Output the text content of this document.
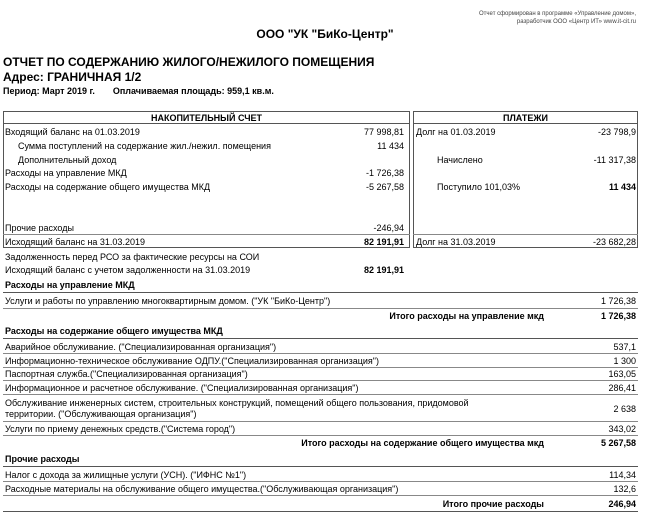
Отчет сформирован в программе «Управление домом»,
разработчик ООО «Центр ИТ» www.it-cit.ru
ООО "УК "БиКо-Центр"
ОТЧЕТ ПО СОДЕРЖАНИЮ ЖИЛОГО/НЕЖИЛОГО ПОМЕЩЕНИЯ
Адрес: ГРАНИЧНАЯ 1/2
Период: Март 2019 г. Оплачиваемая площадь: 959,1 кв.м.
НАКОПИТЕЛЬНЫЙ СЧЕТ
Входящий баланс на 01.03.2019	77 998,81
Сумма поступлений на содержание жил./нежил. помещения	11 434
Дополнительный доход
Расходы на управление МКД	-1 726,38
Расходы на содержание общего имущества МКД	-5 267,58
Прочие расходы	-246,94
Исходящий баланс на 31.03.2019	82 191,91
ПЛАТЕЖИ
Долг на 01.03.2019	-23 798,9
Начислено	-11 317,38
Поступило 101,03%	11 434
Долг на 31.03.2019	-23 682,28
Задолженность перед РСО за фактические ресурсы на СОИ
Исходящий баланс с учетом задолженности на 31.03.2019	82 191,91
Расходы на управление МКД
Услуги и работы по управлению многоквартирным домом. ("УК "БиКо-Центр")	1 726,38
Итого расходы на управление мкд	1 726,38
Расходы на содержание общего имущества МКД
Аварийное обслуживание. ("Специализированная организация")	537,1
Информационно-техническое обслуживание ОДПУ.("Специализированная организация")	1 300
Паспортная служба.("Специализированная организация")	163,05
Информационное и расчетное обслуживание. ("Специализированная организация")	286,41
Обслуживание инженерных систем, строительных конструкций, помещений общего пользования, придомовой
территории. ("Обслуживающая организация")	2 638
Услуги по приему денежных средств.("Система город")	343,02
Итого расходы на содержание общего имущества мкд	5 267,58
Прочие расходы
Налог с дохода за жилищные услуги (УСН). ("ИФНС №1")	114,34
Расходные материалы на обслуживание общего имущества.("Обслуживающая организация")	132,6
Итого прочие расходы	246,94
